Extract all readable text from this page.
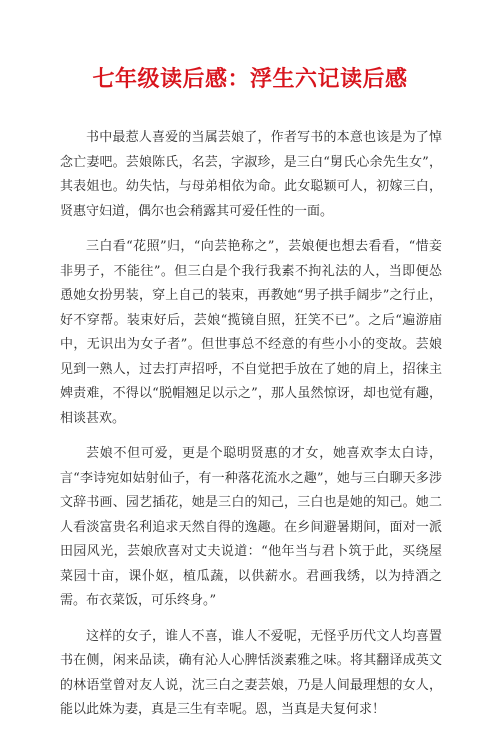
七年级读后感：浮生六记读后感

书中最惹人喜爱的当属芸娘了，作者写书的本意也该是为了悼念亡妻吧。芸娘陈氏，名芸，字淑珍，是三白“舅氏心余先生女”，其表姐也。幼失怙，与母弟相依为命。此女聪颖可人，初嫁三白，贤惠守妇道，偶尔也会稍露其可爱任性的一面。

三白看“花照”归，“向芸艳称之”，芸娘便也想去看看，“惜妾非男子，不能往”。但三白是个我行我素不拘礼法的人，当即便怂恿她女扮男装，穿上自己的装束，再教她“男子拱手阔步”之行止，好不穿帮。装束好后，芸娘“揽镜自照，狂笑不已”。之后“遍游庙中，无识出为女子者”。但世事总不经意的有些小小的变故。芸娘见到一熟人，过去打声招呼，不自觉把手放在了她的肩上，招徕主婢责难，不得以“脱帽翘足以示之”，那人虽然惊讶，却也觉有趣，相谈甚欢。

芸娘不但可爱，更是个聪明贤惠的才女，她喜欢李太白诗，言“李诗宛如姑射仙子，有一种落花流水之趣”，她与三白聊天多涉文辞书画、园艺插花，她是三白的知己，三白也是她的知己。她二人看淡富贵名利追求天然自得的逸趣。在乡间避暑期间，面对一派田园风光，芸娘欣喜对丈夫说道：“他年当与君卜筑于此，买绕屋菜园十亩，课仆妪，植瓜蔬，以供薪水。君画我绣，以为持酒之需。布衣菜饭，可乐终身。”

这样的女子，谁人不喜，谁人不爱呢，无怪乎历代文人均喜置书在侧，闲来品读，确有沁人心脾恬淡素雅之味。将其翻译成英文的林语堂曾对友人说，沈三白之妻芸娘，乃是人间最理想的女人，能以此姝为妻，真是三生有幸呢。恩，当真是夫复何求！
